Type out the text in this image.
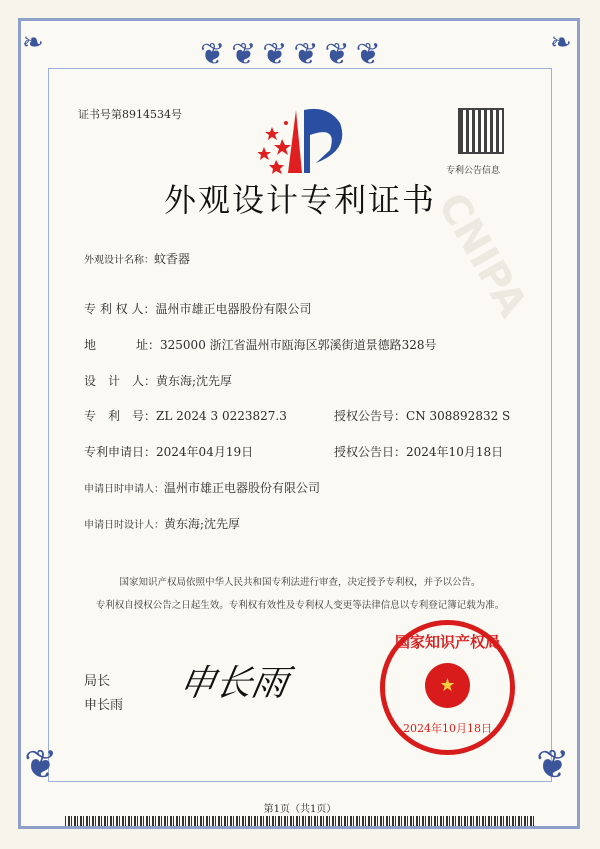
❦❦❦❦❦❦
❧	❧
❦	❦
CNIPA
证书号第8914534号
专利公告信息
外观设计专利证书
外观设计名称：蚊香器
专 利 权 人：温州市雄正电器股份有限公司
地	址：325000 浙江省温州市瓯海区郭溪街道景德路328号
设　计　人：黄东海;沈先厚
专　利　号：ZL 2024 3 0223827.3	授权公告号：CN 308892832 S
专利申请日：2024年04月19日	授权公告日：2024年10月18日
申请日时申请人：温州市雄正电器股份有限公司
申请日时设计人：黄东海;沈先厚
国家知识产权局依照中华人民共和国专利法进行审查，决定授予专利权，并予以公告。
专利权自授权公告之日起生效。专利权有效性及专利权人变更等法律信息以专利登记簿记载为准。
局长
申长雨
申长雨	★
国家知识产权局
2024年10月18日
第1页（共1页）
